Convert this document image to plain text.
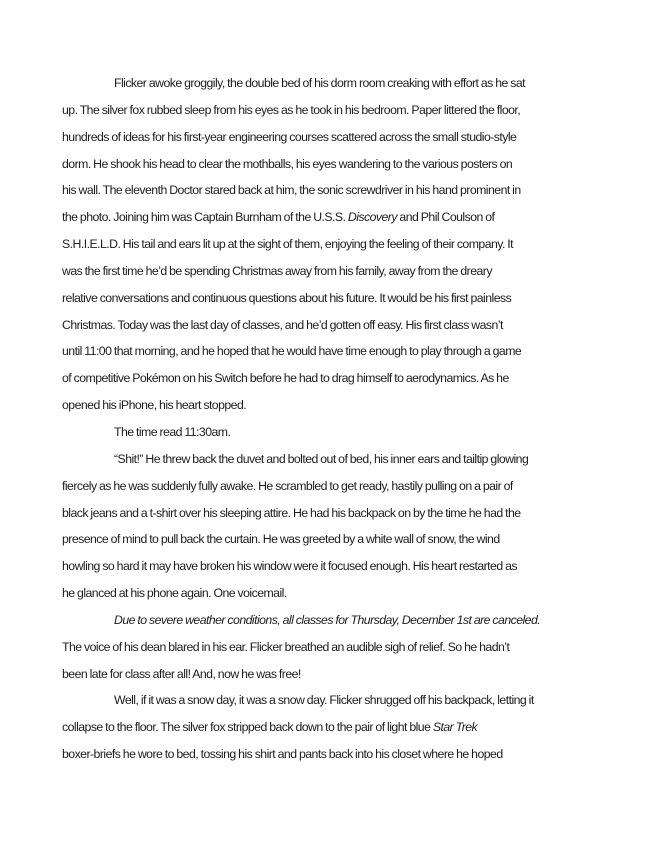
Flicker awoke groggily, the double bed of his dorm room creaking with effort as he sat
up. The silver fox rubbed sleep from his eyes as he took in his bedroom. Paper littered the floor,
hundreds of ideas for his first-year engineering courses scattered across the small studio-style
dorm. He shook his head to clear the mothballs, his eyes wandering to the various posters on
his wall. The eleventh Doctor stared back at him, the sonic screwdriver in his hand prominent in
the photo. Joining him was Captain Burnham of the U.S.S. Discovery and Phil Coulson of
S.H.I.E.L.D. His tail and ears lit up at the sight of them, enjoying the feeling of their company. It
was the first time he’d be spending Christmas away from his family, away from the dreary
relative conversations and continuous questions about his future. It would be his first painless
Christmas. Today was the last day of classes, and he’d gotten off easy. His first class wasn’t
until 11:00 that morning, and he hoped that he would have time enough to play through a game
of competitive Pokémon on his Switch before he had to drag himself to aerodynamics. As he
opened his iPhone, his heart stopped.
The time read 11:30am.
“Shit!” He threw back the duvet and bolted out of bed, his inner ears and tailtip glowing
fiercely as he was suddenly fully awake. He scrambled to get ready, hastily pulling on a pair of
black jeans and a t-shirt over his sleeping attire. He had his backpack on by the time he had the
presence of mind to pull back the curtain. He was greeted by a white wall of snow, the wind
howling so hard it may have broken his window were it focused enough. His heart restarted as
he glanced at his phone again. One voicemail.
Due to severe weather conditions, all classes for Thursday, December 1st are canceled.
The voice of his dean blared in his ear. Flicker breathed an audible sigh of relief. So he hadn’t
been late for class after all! And, now he was free!
Well, if it was a snow day, it was a snow day. Flicker shrugged off his backpack, letting it
collapse to the floor. The silver fox stripped back down to the pair of light blue Star Trek
boxer-briefs he wore to bed, tossing his shirt and pants back into his closet where he hoped
